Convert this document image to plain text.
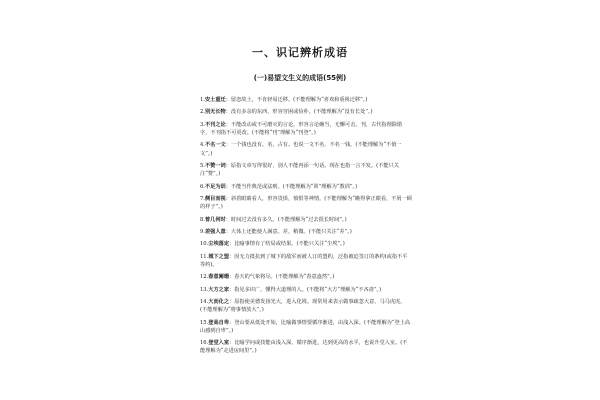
一、识记辨析成语
(一)易望文生义的成语(55例)
1.安土重迁：留恋故土，不肯轻易迁移。(不能理解为“喜欢和重视迁移”。)
2.别无长物：没有多余的东西，形容穷困或俭朴。(不能理解为“没有长处”。)
3.不刊之论：不能改动或不可磨灭的言论，形容言论确当，无懈可击。刊，古代指削除错字，不刊指不可更改。(不能将“刊”理解为“刊登”。)
4.不名一文：一个钱也没有。名，占有。也说一文不名、不名一钱。(不能理解为“不值一文”。)
5.不赞一词：原指文章写得很好，别人不能再添一句话。现在也指一言不发。(不能只关注“赞”。)
6.不足为训：不能当作典范或法则。(不能理解为“训”理解为“教训”。)
7.侧目而视：斜着眼睛看人，形容畏惧，愤恨等神情。(不能理解为“瞧得拿正眼看，不屑一顾的样子”。)
8.曾几何时：时间过去没有多久。(不能理解为“过去很长时间”。)
9.差强人意：大体上还能使人满意。差，稍微。(不能只关注“差”。)
10.尘埃落定：比喻事情有了结局或结果。(不能只关注“尘埃”。)
11.城下之盟：因无力抵抗到了城下的敌军而被人订的盟约，泛指被迫签订的条约(或指不平等约)。
12.春意阑珊：春天的气象将尽。(不能理解为“春意盎然”。)
13.大方之家：指见多识广，懂得大道理的人。(不能将“大方”理解为“不吝啬”。)
14.大而化之：原指使美德发扬光大，进入化境。现常用来表示做事疏忽大意，马马虎虎。(不能理解为“将事情放大”。)
15.登高自卑：登山要从低处开始，比喻做事情要循序渐进，由浅入深。(不能理解为“登上高山感到自卑”。)
16.登堂入室：比喻学问或技能由浅入深，循序渐进，达到更高的水平，也说升堂入室。(不能理解为“走进房间里”。)
